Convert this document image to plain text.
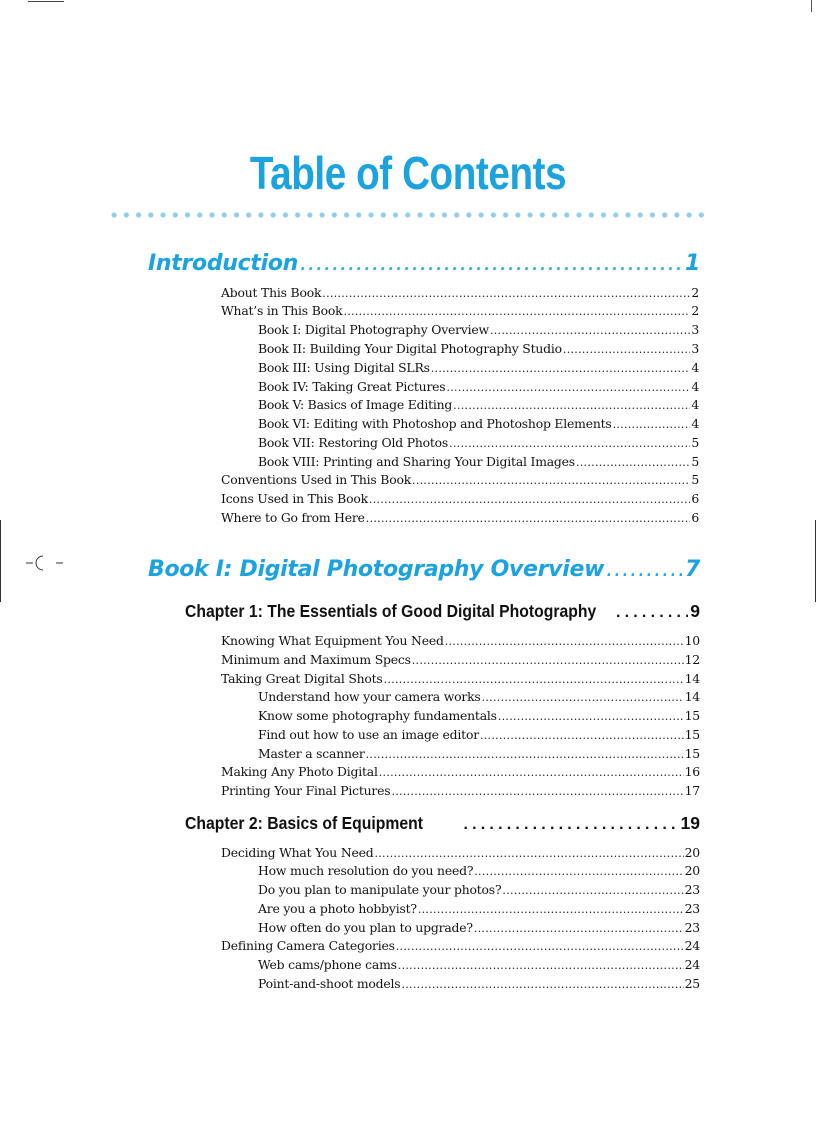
Table of Contents
Introduction .....	1
About This Book .....	2
What’s in This Book .....	2
Book I: Digital Photography Overview .....	3
Book II: Building Your Digital Photography Studio .....	3
Book III: Using Digital SLRs .....	4
Book IV: Taking Great Pictures .....	4
Book V: Basics of Image Editing .....	4
Book VI: Editing with Photoshop and Photoshop Elements .....	4
Book VII: Restoring Old Photos .....	5
Book VIII: Printing and Sharing Your Digital Images .....	5
Conventions Used in This Book .....	5
Icons Used in This Book .....	6
Where to Go from Here .....	6
Book I: Digital Photography Overview .....	7
Chapter 1: The Essentials of Good Digital Photography .....	9
Knowing What Equipment You Need .....	10
Minimum and Maximum Specs .....	12
Taking Great Digital Shots .....	14
Understand how your camera works .....	14
Know some photography fundamentals .....	15
Find out how to use an image editor .....	15
Master a scanner .....	15
Making Any Photo Digital .....	16
Printing Your Final Pictures .....	17
Chapter 2: Basics of Equipment .....	19
Deciding What You Need .....	20
How much resolution do you need? .....	20
Do you plan to manipulate your photos? .....	23
Are you a photo hobbyist? .....	23
How often do you plan to upgrade? .....	23
Defining Camera Categories .....	24
Web cams/phone cams .....	24
Point-and-shoot models .....	25
